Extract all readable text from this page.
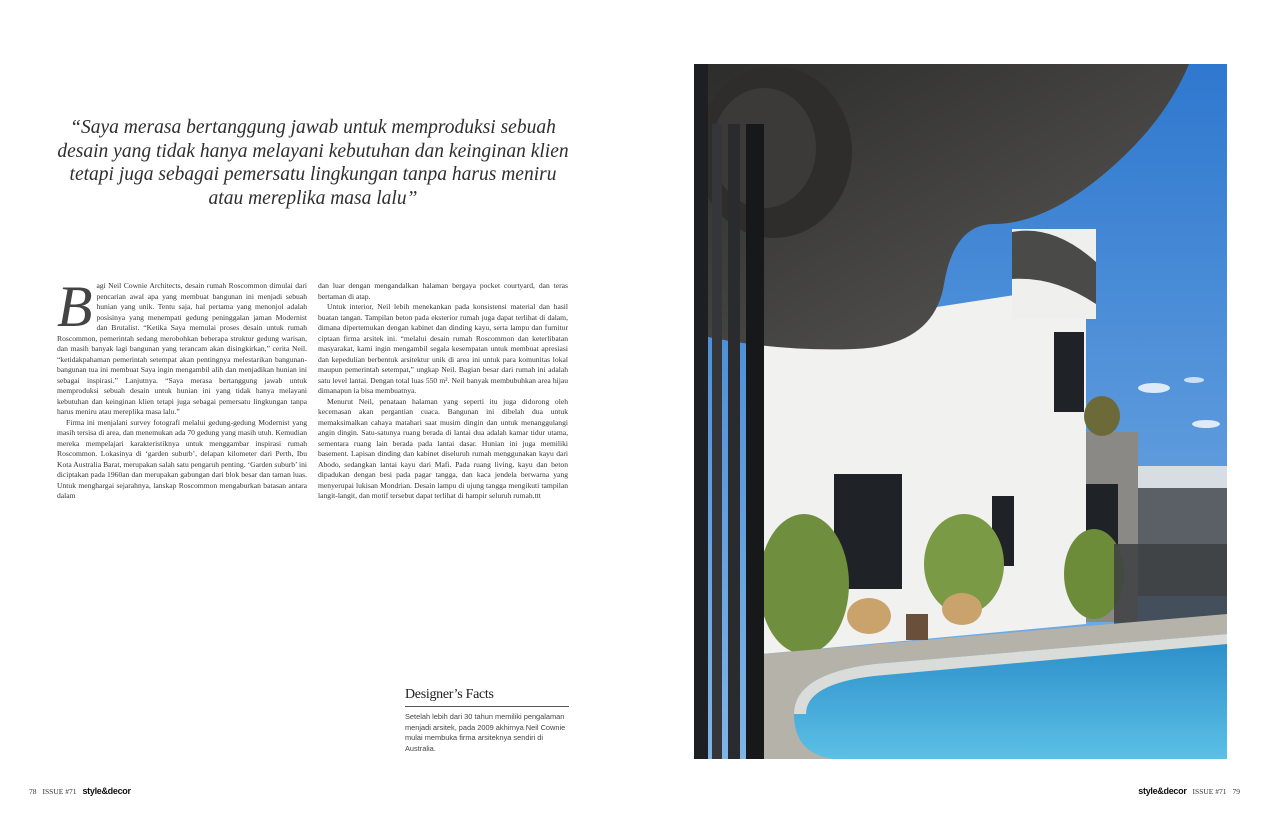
“Saya merasa bertanggung jawab untuk memproduksi sebuah desain yang tidak hanya melayani kebutuhan dan keinginan klien tetapi juga sebagai pemersatu lingkungan tanpa harus meniru atau mereplika masa lalu”

Bagi Neil Cownie Architects, desain rumah Roscommon dimulai dari pencarian awal apa yang membuat bangunan ini menjadi sebuah hunian yang unik. Tentu saja, hal pertama yang menonjol adalah posisinya yang menempati gedung peninggalan jaman Modernist dan Brutalist. “Ketika Saya memulai proses desain untuk rumah Roscommon, pemerintah sedang merobohkan beberapa struktur gedung warisan, dan masih banyak lagi bangunan yang terancam akan disingkirkan,” cerita Neil. “ketidakpahaman pemerintah setempat akan pentingnya melestarikan bangunan-bangunan tua ini membuat Saya ingin mengambil alih dan menjadikan hunian ini sebagai inspirasi.” Lanjutnya. “Saya merasa bertanggung jawab untuk memproduksi sebuah desain untuk hunian ini yang tidak hanya melayani kebutuhan dan keinginan klien tetapi juga sebagai pemersatu lingkungan tanpa harus meniru atau mereplika masa lalu.”

Firma ini menjalani survey fotografi melalui gedung-gedung Modernist yang masih tersisa di area, dan menemukan ada 70 gedung yang masih utuh. Kemudian mereka mempelajari karakteristiknya untuk menggambar inspirasi rumah Roscommon. Lokasinya di ‘garden suburb’, delapan kilometer dari Perth, Ibu Kota Australia Barat, merupakan salah satu pengaruh penting. ‘Garden suburb’ ini diciptakan pada 1960an dan merupakan gabungan dari blok besar dan taman luas. Untuk menghargai sejarahnya, lanskap Roscommon mengaburkan batasan antara dalam

dan luar dengan mengandalkan halaman bergaya pocket courtyard, dan teras bertaman di atap.

Untuk interior, Neil lebih menekankan pada konsistensi material dan hasil buatan tangan. Tampilan beton pada eksterior rumah juga dapat terlihat di dalam, dimana dipertemukan dengan kabinet dan dinding kayu, serta lampu dan furnitur ciptaan firma arsitek ini. “melalui desain rumah Roscommon dan keterlibatan masyarakat, kami ingin mengambil segala kesempatan untuk membuat apresiasi dan kepedulian berbentuk arsitektur unik di area ini untuk para komunitas lokal maupun pemerintah setempat,” ungkap Neil. Bagian besar dari rumah ini adalah satu level lantai. Dengan total luas 550 m². Neil banyak membubuhkan area hijau dimanapun ia bisa membuatnya.

Menurut Neil, penataan halaman yang seperti itu juga didorong oleh kecemasan akan pergantian cuaca. Bangunan ini dibelah dua untuk memaksimalkan cahaya matahari saat musim dingin dan untuk menanggulangi angin dingin. Satu-satunya ruang berada di lantai dua adalah kamar tidur utama, sementara ruang lain berada pada lantai dasar. Hunian ini juga memiliki basement. Lapisan dinding dan kabinet diseluruh rumah menggunakan kayu dari Abodo, sedangkan lantai kayu dari Mafi. Pada ruang living, kayu dan beton dipadukan dengan besi pada pagar tangga, dan kaca jendela berwarna yang menyerupai lukisan Mondrian. Desain lampu di ujung tangga mengikuti tampilan langit-langit, dan motif tersebut dapat terlihat di hampir seluruh rumah.ttt

Designer’s Facts
Setelah lebih dari 30 tahun memiliki pengalaman menjadi arsitek, pada 2009 akhirnya Neil Cownie mulai membuka firma arsiteknya sendiri di Australia.
78 ISSUE #71 style&decor	style&decor ISSUE #71 79
